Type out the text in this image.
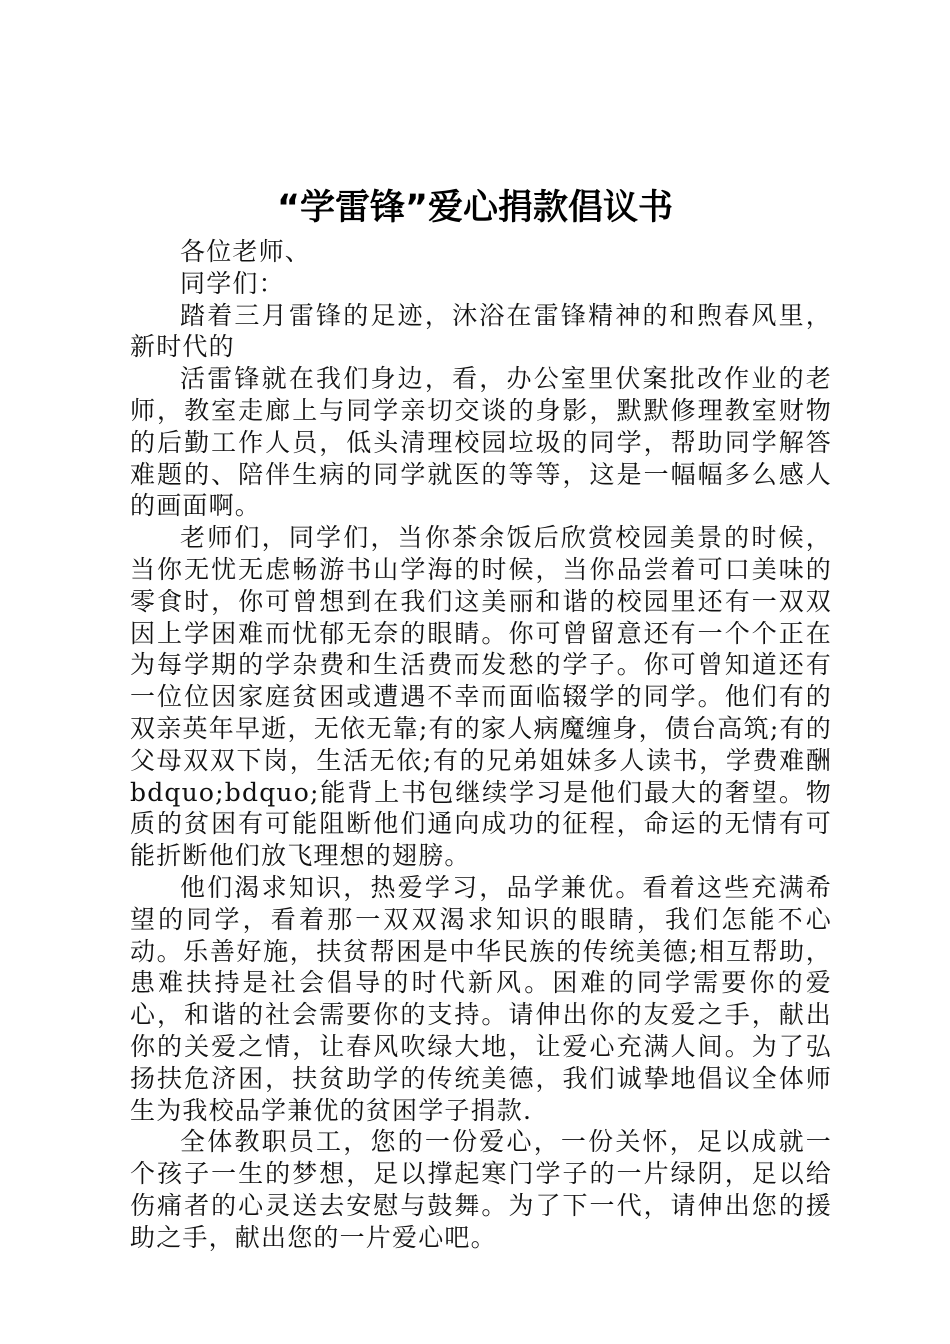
“学雷锋”爱心捐款倡议书

各位老师、

同学们：

踏着三月雷锋的足迹，沐浴在雷锋精神的和煦春风里，新时代的

活雷锋就在我们身边，看，办公室里伏案批改作业的老师，教室走廊上与同学亲切交谈的身影，默默修理教室财物的后勤工作人员，低头清理校园垃圾的同学，帮助同学解答难题的、陪伴生病的同学就医的等等，这是一幅幅多么感人的画面啊。

老师们，同学们，当你茶余饭后欣赏校园美景的时候，当你无忧无虑畅游书山学海的时候，当你品尝着可口美味的零食时，你可曾想到在我们这美丽和谐的校园里还有一双双因上学困难而忧郁无奈的眼睛。你可曾留意还有一个个正在为每学期的学杂费和生活费而发愁的学子。你可曾知道还有一位位因家庭贫困或遭遇不幸而面临辍学的同学。他们有的双亲英年早逝，无依无靠;有的家人病魔缠身，债台高筑;有的父母双双下岗，生活无依;有的兄弟姐妹多人读书，学费难酬bdquo;bdquo;能背上书包继续学习是他们最大的奢望。物质的贫困有可能阻断他们通向成功的征程，命运的无情有可能折断他们放飞理想的翅膀。

他们渴求知识，热爱学习，品学兼优。看着这些充满希望的同学，看着那一双双渴求知识的眼睛，我们怎能不心动。乐善好施，扶贫帮困是中华民族的传统美德;相互帮助，患难扶持是社会倡导的时代新风。困难的同学需要你的爱心，和谐的社会需要你的支持。请伸出你的友爱之手，献出你的关爱之情，让春风吹绿大地，让爱心充满人间。为了弘扬扶危济困，扶贫助学的传统美德，我们诚挚地倡议全体师生为我校品学兼优的贫困学子捐款.

全体教职员工，您的一份爱心，一份关怀，足以成就一个孩子一生的梦想，足以撑起寒门学子的一片绿阴，足以给伤痛者的心灵送去安慰与鼓舞。为了下一代，请伸出您的援助之手，献出您的一片爱心吧。
